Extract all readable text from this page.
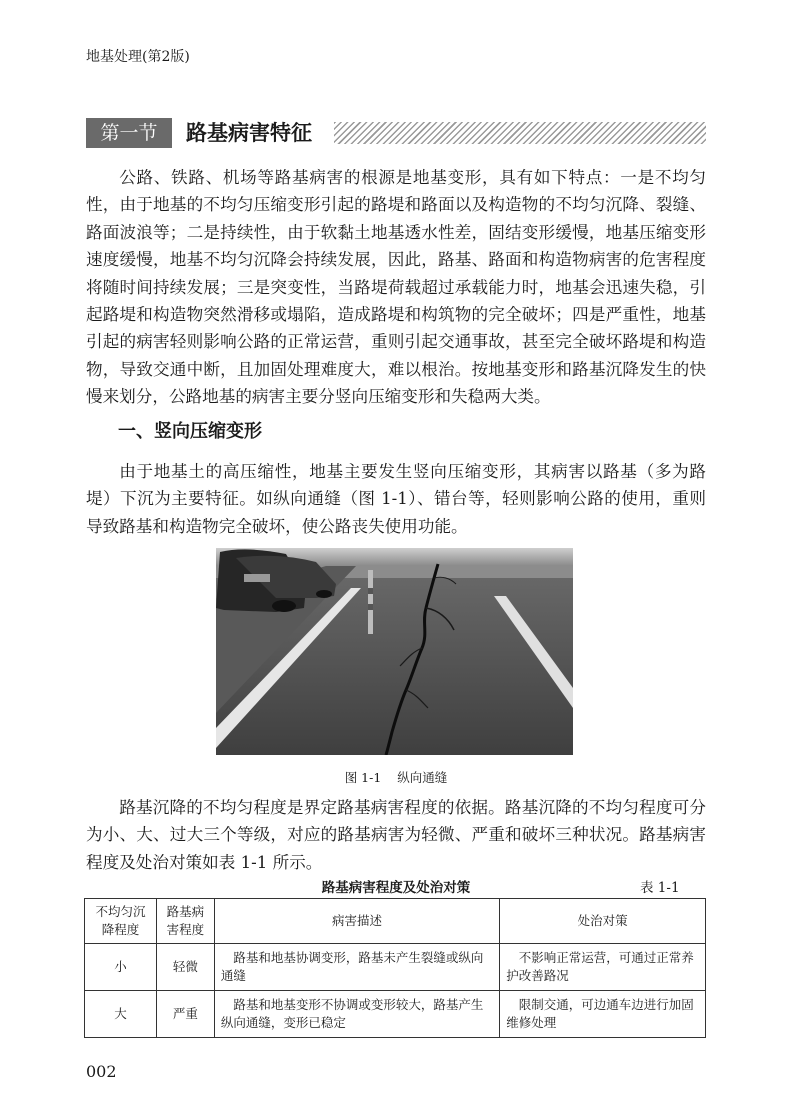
地基处理(第2版)
第一节	路基病害特征

公路、铁路、机场等路基病害的根源是地基变形，具有如下特点：一是不均匀性，由于地基的不均匀压缩变形引起的路堤和路面以及构造物的不均匀沉降、裂缝、路面波浪等；二是持续性，由于软黏土地基透水性差，固结变形缓慢，地基压缩变形速度缓慢，地基不均匀沉降会持续发展，因此，路基、路面和构造物病害的危害程度将随时间持续发展；三是突变性，当路堤荷载超过承载能力时，地基会迅速失稳，引起路堤和构造物突然滑移或塌陷，造成路堤和构筑物的完全破坏；四是严重性，地基引起的病害轻则影响公路的正常运营，重则引起交通事故，甚至完全破坏路堤和构造物，导致交通中断，且加固处理难度大，难以根治。按地基变形和路基沉降发生的快慢来划分，公路地基的病害主要分竖向压缩变形和失稳两大类。

一、竖向压缩变形

由于地基土的高压缩性，地基主要发生竖向压缩变形，其病害以路基（多为路堤）下沉为主要特征。如纵向通缝（图 1-1）、错台等，轻则影响公路的使用，重则导致路基和构造物完全破坏，使公路丧失使用功能。

图 1-1 纵向通缝

路基沉降的不均匀程度是界定路基病害程度的依据。路基沉降的不均匀程度可分为小、大、过大三个等级，对应的路基病害为轻微、严重和破坏三种状况。路基病害程度及处治对策如表 1-1 所示。

路基病害程度及处治对策	表 1-1
不均匀沉降程度	路基病害程度	病害描述	处治对策
小	轻微	路基和地基协调变形，路基未产生裂缝或纵向通缝	不影响正常运营，可通过正常养护改善路况
大	严重	路基和地基变形不协调或变形较大，路基产生纵向通缝，变形已稳定	限制交通，可边通车边进行加固维修处理
002
